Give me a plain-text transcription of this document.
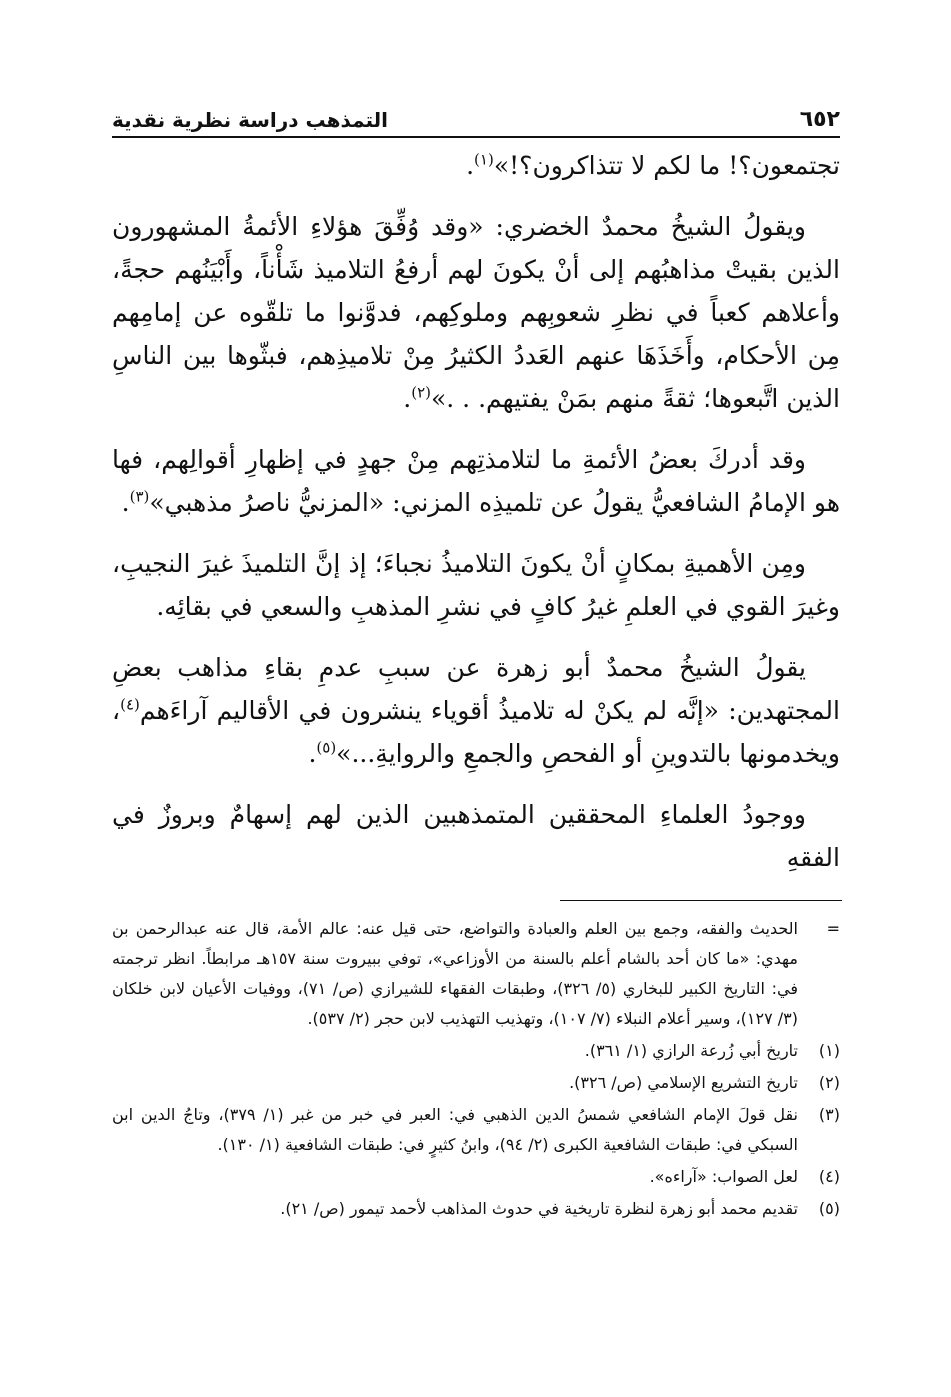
٦٥٢
التمذهب دراسة نظرية نقدية

تجتمعون؟! ما لكم لا تتذاكرون؟!»$^{(١)}$.

ويقولُ الشيخُ محمدٌ الخضري: «وقد وُفِّقَ هؤلاءِ الأئمةُ المشهورون الذين بقيتْ مذاهبُهم إلى أنْ يكونَ لهم أرفعُ التلاميذ شَأْناً، وأَبْيَنُهم حجةً، وأعلاهم كعباً في نظرِ شعوبِهم وملوكِهم، فدوَّنوا ما تلقّوه عن إمامِهم مِن الأحكام، وأَخَذَهَا عنهم العَددُ الكثيرُ مِنْ تلاميذِهم، فبثّوها بين الناسِ الذين اتَّبعوها؛ ثقةً منهم بمَنْ يفتيهم. . .»$^{(٢)}$.

وقد أدركَ بعضُ الأئمةِ ما لتلامذتِهم مِنْ جهدٍ في إظهارِ أقوالِهم، فها هو الإمامُ الشافعيُّ يقولُ عن تلميذِه المزني: «المزنيُّ ناصرُ مذهبي»$^{(٣)}$.

ومِن الأهميةِ بمكانٍ أنْ يكونَ التلاميذُ نجباءَ؛ إذ إنَّ التلميذَ غيرَ النجيبِ، وغيرَ القوي في العلمِ غيرُ كافٍ في نشرِ المذهبِ والسعي في بقائِه.

يقولُ الشيخُ محمدٌ أبو زهرة عن سببِ عدمِ بقاءِ مذاهب بعضِ المجتهدين: «إنَّه لم يكنْ له تلاميذُ أقوياء ينشرون في الأقاليم آراءَهم$^{(٤)}$، ويخدمونها بالتدوينِ أو الفحصِ والجمعِ والروايةِ...»$^{(٥)}$.

ووجودُ العلماءِ المحققين المتمذهبين الذين لهم إسهامٌ وبروزٌ في الفقهِ

=
الحديث والفقه، وجمع بين العلم والعبادة والتواضع، حتى قيل عنه: عالم الأمة، قال عنه عبدالرحمن بن مهدي: «ما كان أحد بالشام أعلم بالسنة من الأوزاعي»، توفي ببيروت سنة ١٥٧هـ مرابطاً. انظر ترجمته في: التاريخ الكبير للبخاري (٥/ ٣٢٦)، وطبقات الفقهاء للشيرازي (ص/ ٧١)، ووفيات الأعيان لابن خلكان (٣/ ١٢٧)، وسير أعلام النبلاء (٧/ ١٠٧)، وتهذيب التهذيب لابن حجر (٢/ ٥٣٧).
(١)
تاريخ أبي زُرعة الرازي (١/ ٣٦١).
(٢)
تاريخ التشريع الإسلامي (ص/ ٣٢٦).
(٣)
نقل قولَ الإمام الشافعي شمسُ الدين الذهبي في: العبر في خبر من غبر (١/ ٣٧٩)، وتاجُ الدين ابن السبكي في: طبقات الشافعية الكبرى (٢/ ٩٤)، وابنُ كثيرٍ في: طبقات الشافعية (١/ ١٣٠).
(٤)
لعل الصواب: «آراءه».
(٥)
تقديم محمد أبو زهرة لنظرة تاريخية في حدوث المذاهب لأحمد تيمور (ص/ ٢١).
